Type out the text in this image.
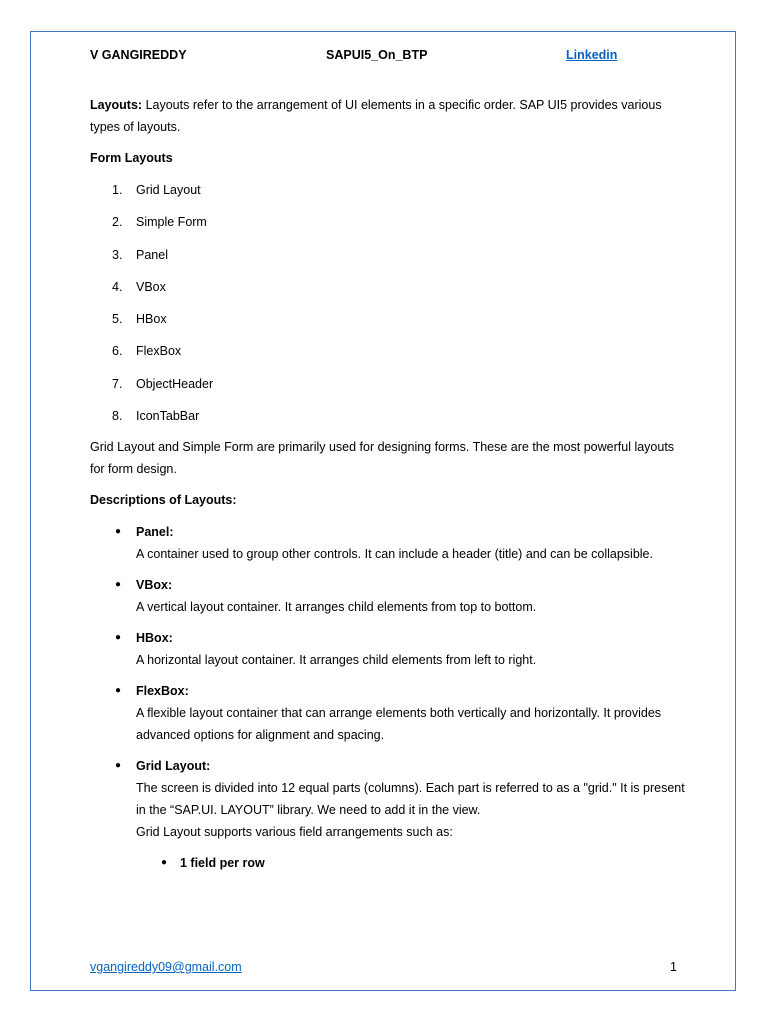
V GANGIREDDY	SAPUI5_On_BTP	Linkedin

Layouts: Layouts refer to the arrangement of UI elements in a specific order. SAP UI5 provides various types of layouts.

Form Layouts

1. Grid Layout
2. Simple Form
3. Panel
4. VBox
5. HBox
6. FlexBox
7. ObjectHeader
8. IconTabBar

Grid Layout and Simple Form are primarily used for designing forms. These are the most powerful layouts for form design.

Descriptions of Layouts:

● Panel:
A container used to group other controls. It can include a header (title) and can be collapsible.
● VBox:
A vertical layout container. It arranges child elements from top to bottom.
● HBox:
A horizontal layout container. It arranges child elements from left to right.
● FlexBox:
A flexible layout container that can arrange elements both vertically and horizontally. It provides advanced options for alignment and spacing.
● Grid Layout:
The screen is divided into 12 equal parts (columns). Each part is referred to as a "grid." It is present in the “SAP.UI. LAYOUT” library. We need to add it in the view.
Grid Layout supports various field arrangements such as:
● 1 field per row
vgangireddy09@gmail.com	1
